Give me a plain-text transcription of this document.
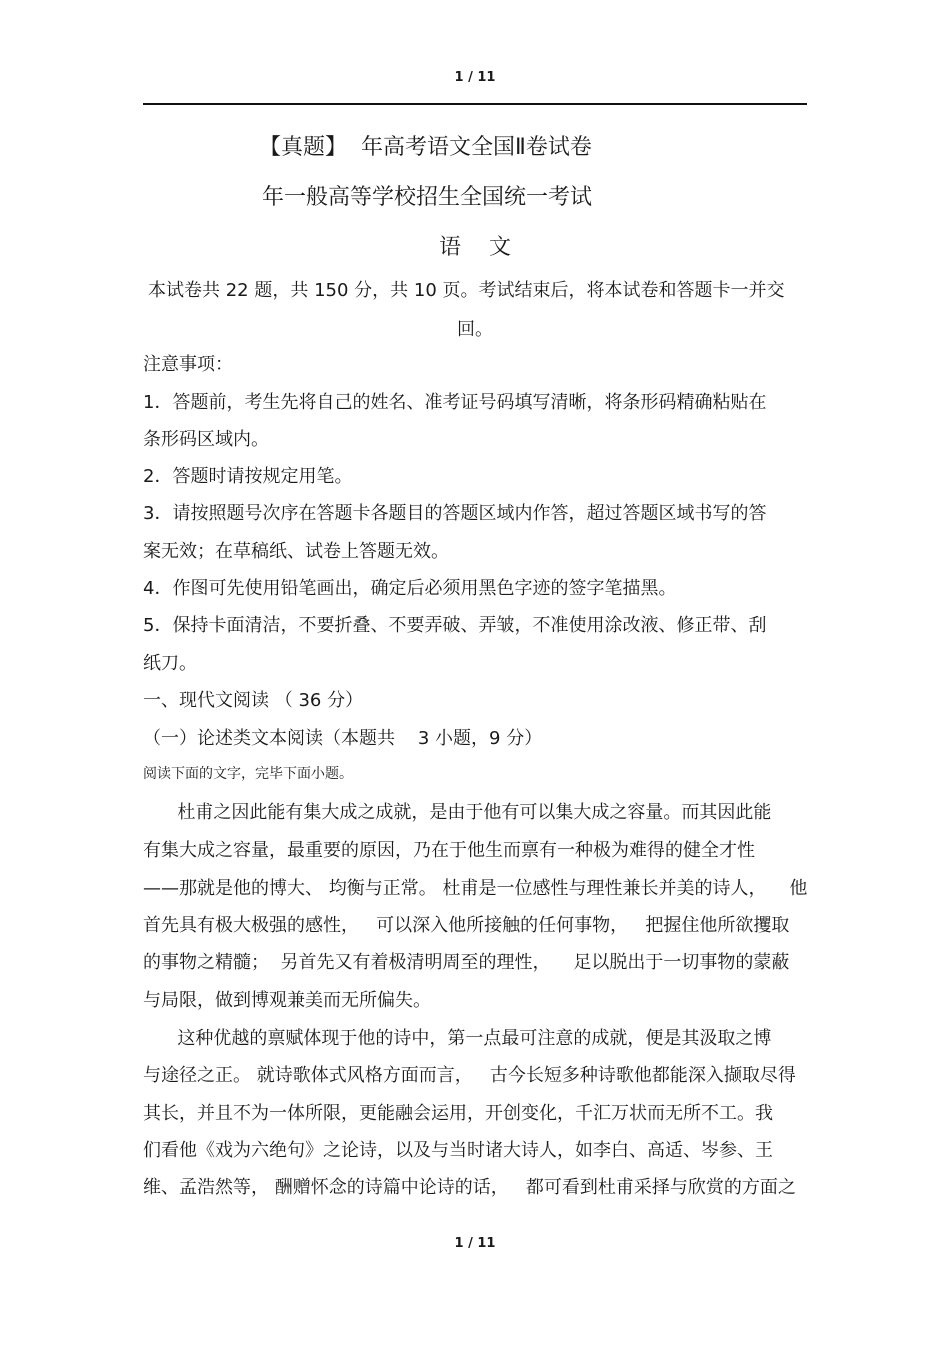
1 / 11
【真题】  年高考语文全国Ⅱ卷试卷
年一般高等学校招生全国统一考试
语    文
本试卷共 22 题，共 150 分，共 10 页。考试结束后，将本试卷和答题卡一并交
回。
注意事项：
1．答题前，考生先将自己的姓名、准考证号码填写清晰，将条形码精确粘贴在
条形码区域内。
2．答题时请按规定用笔。
3．请按照题号次序在答题卡各题目的答题区域内作答，超过答题区域书写的答
案无效；在草稿纸、试卷上答题无效。
4．作图可先使用铅笔画出，确定后必须用黑色字迹的签字笔描黑。
5．保持卡面清洁，不要折叠、不要弄破、弄皱，不准使用涂改液、修正带、刮
纸刀。
一、现代文阅读 （ 36 分）
（一）论述类文本阅读（本题共    3 小题，9 分）
阅读下面的文字，完毕下面小题。
杜甫之因此能有集大成之成就，是由于他有可以集大成之容量。而其因此能
有集大成之容量，最重要的原因，乃在于他生而禀有一种极为难得的健全才性
——那就是他的博大、 均衡与正常。 杜甫是一位感性与理性兼长并美的诗人，    他
首先具有极大极强的感性，   可以深入他所接触的任何事物，   把握住他所欲攫取
的事物之精髓；  另首先又有着极清明周至的理性，    足以脱出于一切事物的蒙蔽
与局限，做到博观兼美而无所偏失。
这种优越的禀赋体现于他的诗中，第一点最可注意的成就，便是其汲取之博
与途径之正。 就诗歌体式风格方面而言，   古今长短多种诗歌他都能深入撷取尽得
其长，并且不为一体所限，更能融会运用，开创变化，千汇万状而无所不工。我
们看他《戏为六绝句》之论诗，以及与当时诸大诗人，如李白、高适、岑参、王
维、孟浩然等， 酬赠怀念的诗篇中论诗的话，   都可看到杜甫采择与欣赏的方面之
1 / 11
